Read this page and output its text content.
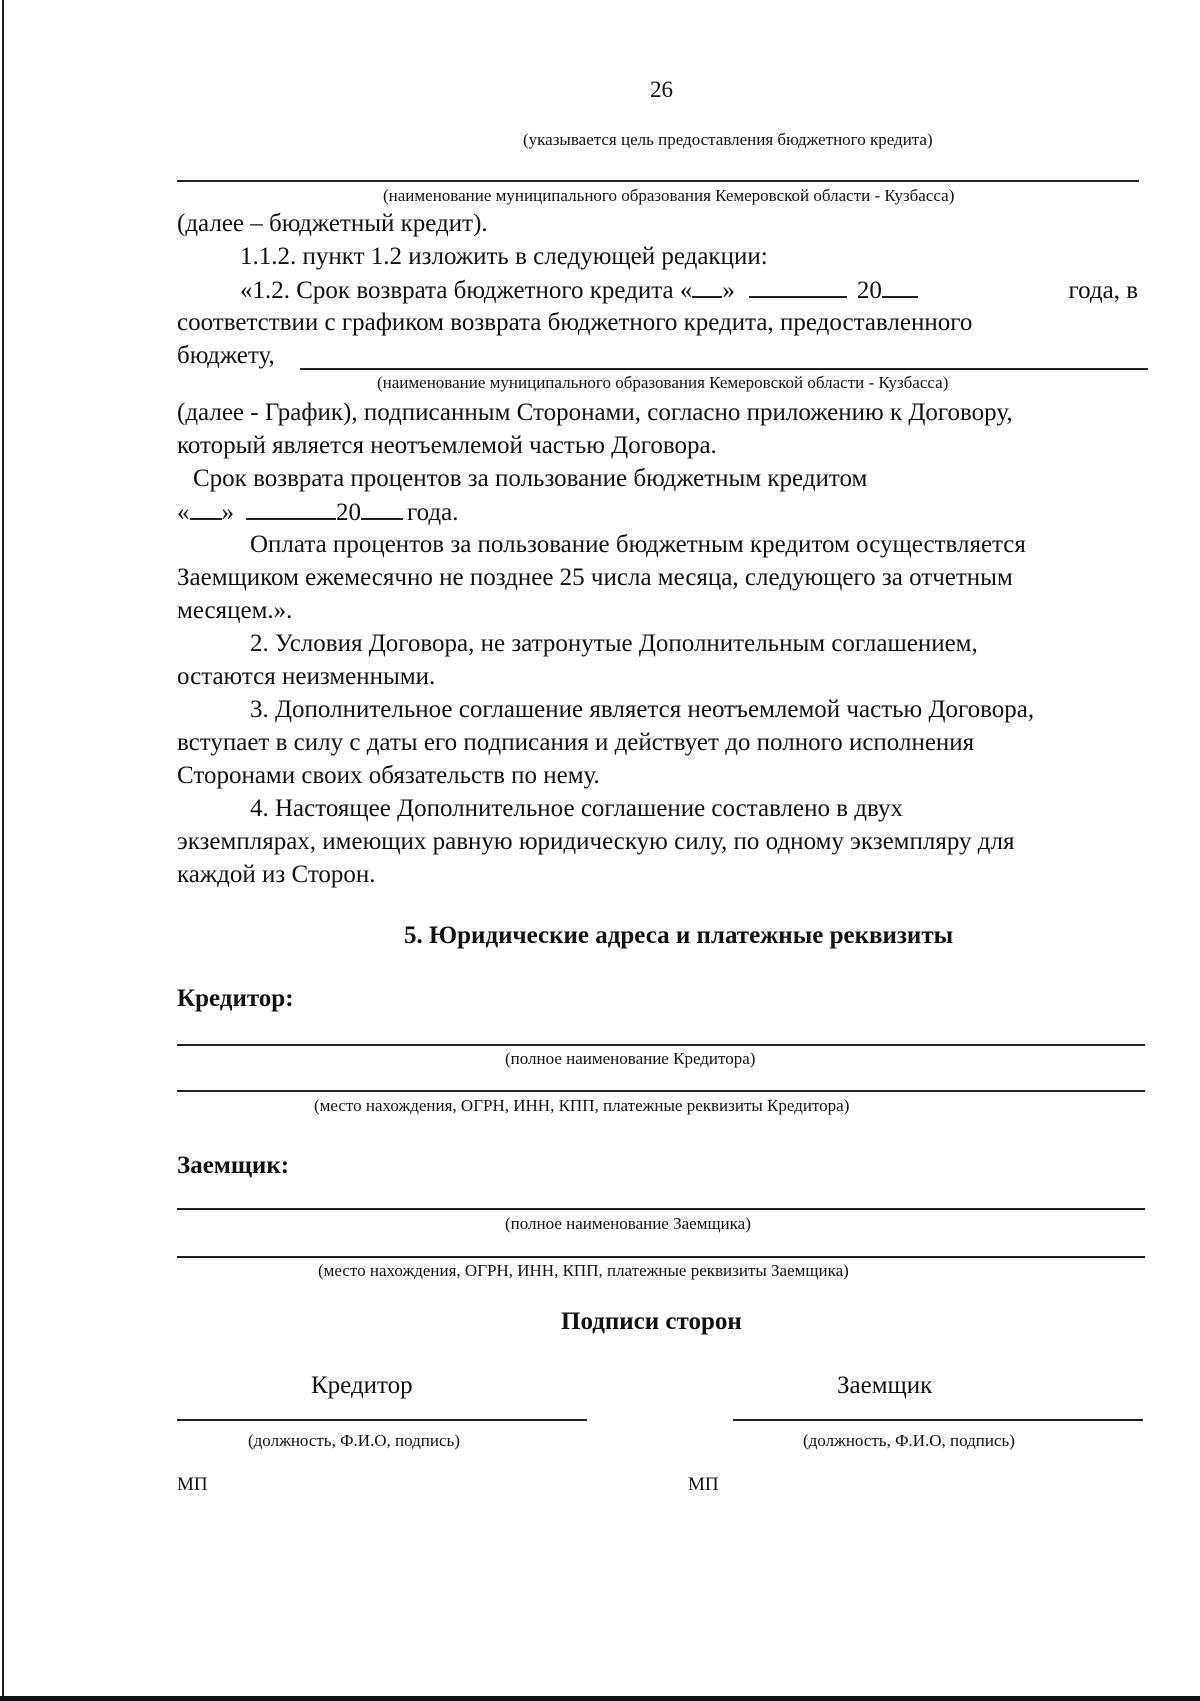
26
(указывается цель предоставления бюджетного кредита)
(наименование муниципального образования Кемеровской области - Кузбасса)
(далее – бюджетный кредит).
1.1.2. пункт 1.2 изложить в следующей редакции:
«1.2. Срок возврата бюджетного кредита « »	20	года, в
соответствии с графиком возврата бюджетного кредита, предоставленного
бюджету,
(наименование муниципального образования Кемеровской области - Кузбасса)
(далее - График), подписанным Сторонами, согласно приложению к Договору,
который является неотъемлемой частью Договора.
Срок возврата процентов за пользование бюджетным кредитом
« »	20 года.
Оплата процентов за пользование бюджетным кредитом осуществляется
Заемщиком ежемесячно не позднее 25 числа месяца, следующего за отчетным
месяцем.».
2. Условия Договора, не затронутые Дополнительным соглашением,
остаются неизменными.
3. Дополнительное соглашение является неотъемлемой частью Договора,
вступает в силу с даты его подписания и действует до полного исполнения
Сторонами своих обязательств по нему.
4. Настоящее Дополнительное соглашение составлено в двух
экземплярах, имеющих равную юридическую силу, по одному экземпляру для
каждой из Сторон.
5. Юридические адреса и платежные реквизиты
Кредитор:
(полное наименование Кредитора)
(место нахождения, ОГРН, ИНН, КПП, платежные реквизиты Кредитора)
Заемщик:
(полное наименование Заемщика)
(место нахождения, ОГРН, ИНН, КПП, платежные реквизиты Заемщика)
Подписи сторон
Кредитор	Заемщик
(должность, Ф.И.О, подпись)	(должность, Ф.И.О, подпись)
МП	МП
